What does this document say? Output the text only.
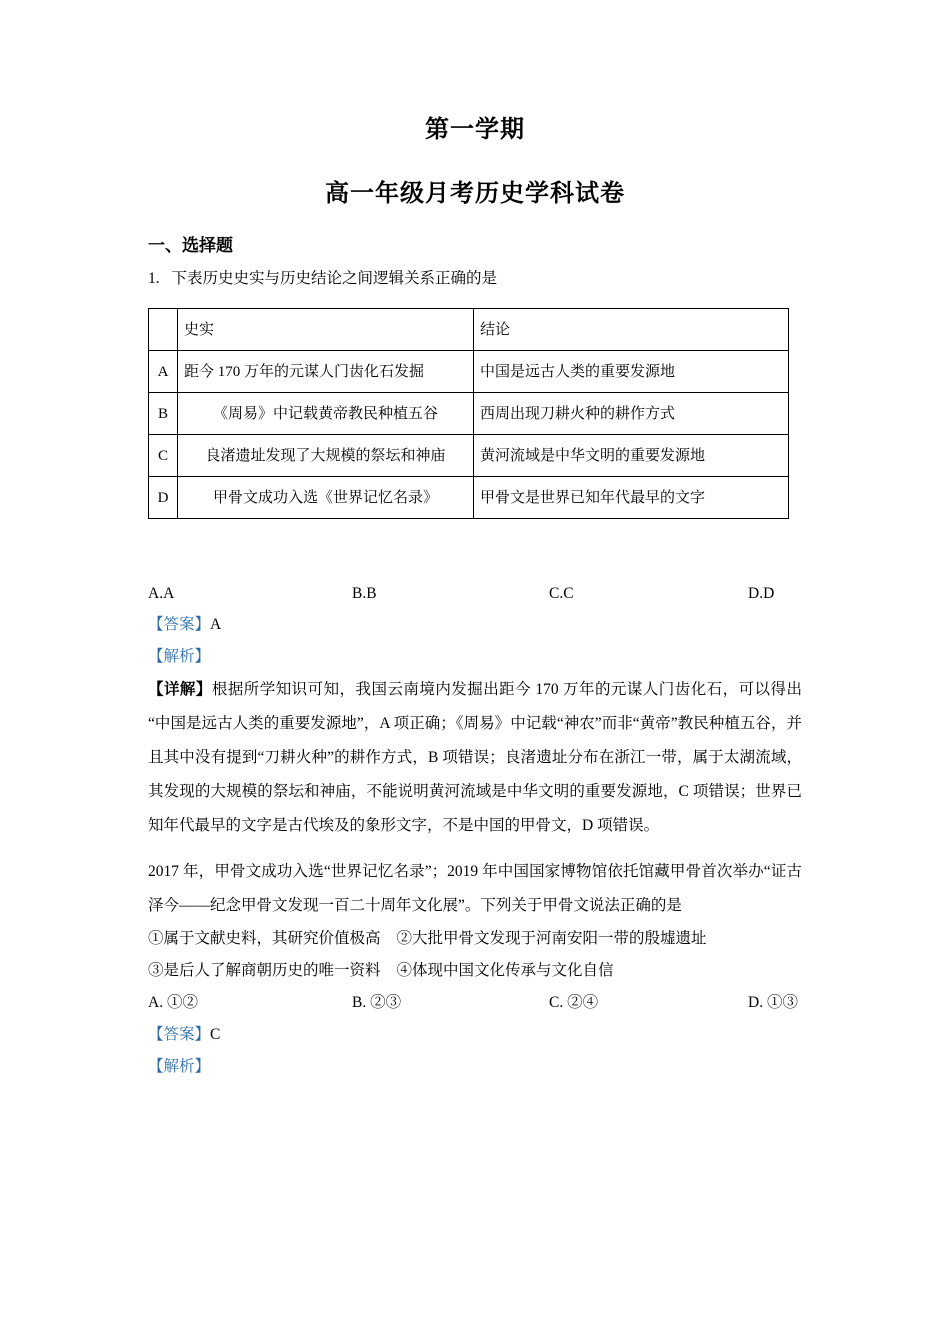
第一学期
高一年级月考历史学科试卷
一、选择题
1. 下表历史史实与历史结论之间逻辑关系正确的是
	史实	结论
A	距今 170 万年的元谋人门齿化石发掘	中国是远古人类的重要发源地
B	《周易》中记载黄帝教民种植五谷	西周出现刀耕火种的耕作方式
C	良渚遗址发现了大规模的祭坛和神庙	黄河流域是中华文明的重要发源地
D	甲骨文成功入选《世界记忆名录》	甲骨文是世界已知年代最早的文字
A.A	B.B	C.C	D.D
【答案】A
【解析】
【详解】根据所学知识可知，我国云南境内发掘出距今 170 万年的元谋人门齿化石，可以得出“中国是远古人类的重要发源地”，A 项正确；《周易》中记载“神农”而非“黄帝”教民种植五谷，并且其中没有提到“刀耕火种”的耕作方式，B 项错误；良渚遗址分布在浙江一带，属于太湖流域，其发现的大规模的祭坛和神庙，不能说明黄河流域是中华文明的重要发源地，C 项错误；世界已知年代最早的文字是古代埃及的象形文字，不是中国的甲骨文，D 项错误。
2017 年，甲骨文成功入选“世界记忆名录”；2019 年中国国家博物馆依托馆藏甲骨首次举办“证古泽今——纪念甲骨文发现一百二十周年文化展”。下列关于甲骨文说法正确的是
①属于文献史料，其研究价值极高 ②大批甲骨文发现于河南安阳一带的殷墟遗址
③是后人了解商朝历史的唯一资料 ④体现中国文化传承与文化自信
A. ①②	B. ②③	C. ②④	D. ①③
【答案】C
【解析】
